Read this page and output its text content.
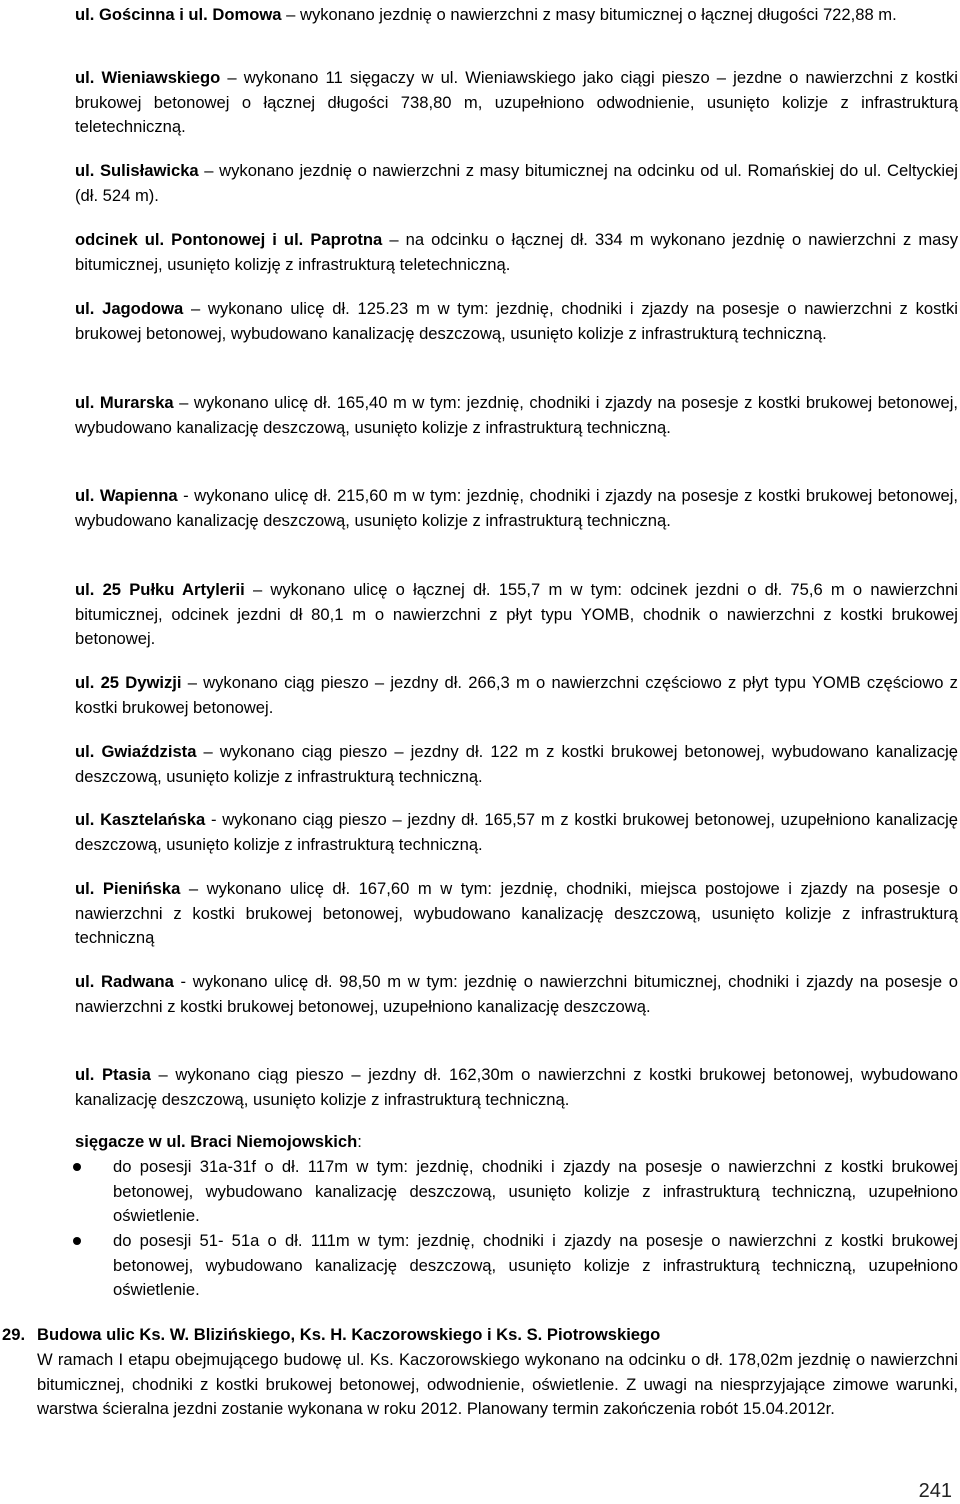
ul. Gościnna i ul. Domowa – wykonano jezdnię o nawierzchni z masy bitumicznej o łącznej długości 722,88 m.

ul. Wieniawskiego – wykonano 11 sięgaczy w ul. Wieniawskiego jako ciągi pieszo – jezdne o nawierzchni z kostki brukowej betonowej o łącznej długości 738,80 m, uzupełniono odwodnienie, usunięto kolizje z infrastrukturą teletechniczną.

ul. Sulisławicka – wykonano jezdnię o nawierzchni z masy bitumicznej na odcinku od ul. Romańskiej do ul. Celtyckiej (dł. 524 m).

odcinek ul. Pontonowej i ul. Paprotna – na odcinku o łącznej dł. 334 m wykonano jezdnię o nawierzchni z masy bitumicznej, usunięto kolizję z infrastrukturą teletechniczną.

ul. Jagodowa – wykonano ulicę dł. 125.23 m w tym: jezdnię, chodniki i zjazdy na posesje o nawierzchni z kostki brukowej betonowej, wybudowano kanalizację deszczową, usunięto kolizje z infrastrukturą techniczną.

ul. Murarska – wykonano ulicę dł. 165,40 m w tym: jezdnię, chodniki i zjazdy na posesje z kostki brukowej betonowej, wybudowano kanalizację deszczową, usunięto kolizje z infrastrukturą techniczną.

ul. Wapienna - wykonano ulicę dł. 215,60 m w tym: jezdnię, chodniki i zjazdy na posesje z kostki brukowej betonowej, wybudowano kanalizację deszczową, usunięto kolizje z infrastrukturą techniczną.

ul. 25 Pułku Artylerii – wykonano ulicę o łącznej dł. 155,7 m w tym: odcinek jezdni o dł. 75,6 m o nawierzchni bitumicznej, odcinek jezdni dł 80,1 m o nawierzchni z płyt typu YOMB, chodnik o nawierzchni z kostki brukowej betonowej.

ul. 25 Dywizji – wykonano ciąg pieszo – jezdny dł. 266,3 m o nawierzchni częściowo z płyt typu YOMB częściowo z kostki brukowej betonowej.

ul. Gwiaździsta – wykonano ciąg pieszo – jezdny dł. 122 m z kostki brukowej betonowej, wybudowano kanalizację deszczową, usunięto kolizje z infrastrukturą techniczną.

ul. Kasztelańska - wykonano ciąg pieszo – jezdny dł. 165,57 m z kostki brukowej betonowej, uzupełniono kanalizację deszczową, usunięto kolizje z infrastrukturą techniczną.

ul. Pienińska – wykonano ulicę dł. 167,60 m w tym: jezdnię, chodniki, miejsca postojowe i zjazdy na posesje o nawierzchni z kostki brukowej betonowej, wybudowano kanalizację deszczową, usunięto kolizje z infrastrukturą techniczną

ul. Radwana - wykonano ulicę dł. 98,50 m w tym: jezdnię o nawierzchni bitumicznej, chodniki i zjazdy na posesje o nawierzchni z kostki brukowej betonowej, uzupełniono kanalizację deszczową.

ul. Ptasia – wykonano ciąg pieszo – jezdny dł. 162,30m o nawierzchni z kostki brukowej betonowej, wybudowano kanalizację deszczową, usunięto kolizje z infrastrukturą techniczną.

sięgacze w ul. Braci Niemojowskich:

do posesji 31a-31f o dł. 117m w tym: jezdnię, chodniki i zjazdy na posesje o nawierzchni z kostki brukowej betonowej, wybudowano kanalizację deszczową, usunięto kolizje z infrastrukturą techniczną, uzupełniono oświetlenie.

do posesji 51- 51a o dł. 111m w tym: jezdnię, chodniki i zjazdy na posesje o nawierzchni z kostki brukowej betonowej, wybudowano kanalizację deszczową, usunięto kolizje z infrastrukturą techniczną, uzupełniono oświetlenie.

29. Budowa ulic Ks. W. Blizińskiego, Ks. H. Kaczorowskiego i Ks. S. Piotrowskiego

W ramach I etapu obejmującego budowę ul. Ks. Kaczorowskiego wykonano na odcinku o dł. 178,02m jezdnię o nawierzchni bitumicznej, chodniki z kostki brukowej betonowej, odwodnienie, oświetlenie. Z uwagi na niesprzyjające zimowe warunki, warstwa ścieralna jezdni zostanie wykonana w roku 2012. Planowany termin zakończenia robót 15.04.2012r.

241
